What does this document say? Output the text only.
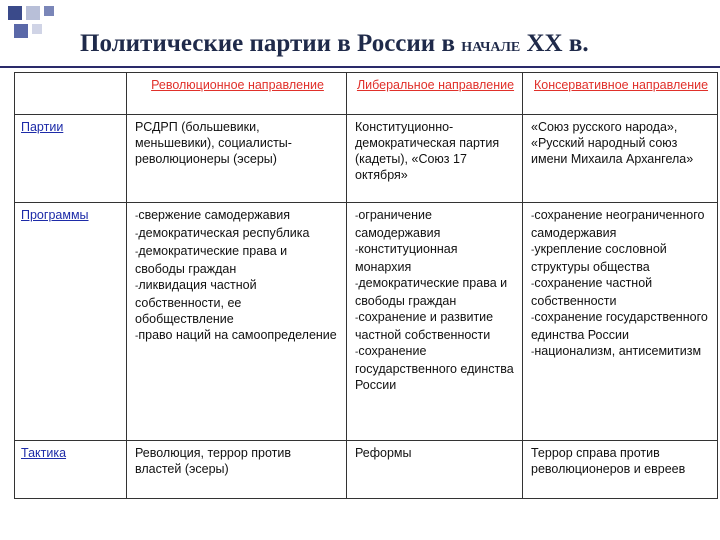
Политические партии в России в НАЧАЛЕ XX в.
	Революционное направление	Либеральное направление	Консервативное направление
Партии	РСДРП (большевики, меньшевики), социалисты-революционеры (эсеры)	Конституционно-демократическая партия (кадеты), «Союз 17 октября»	«Союз русского народа», «Русский народный союз имени Михаила Архангела»

Программы	-свержение самодержавия
-демократическая республика
-демократические права и свободы граждан
-ликвидация частной собственности, ее обобществление
-право наций на самоопределение	-ограничение самодержавия
-конституционная монархия
-демократические права и свободы граждан
-сохранение и развитие частной собственности
-сохранение государственного единства России	-сохранение неограниченного самодержавия
-укрепление сословной структуры общества
-сохранение частной собственности
-сохранение государственного единства России
-национализм, антисемитизм

Тактика	Революция, террор против властей (эсеры)	Реформы	Террор справа против революционеров и евреев
